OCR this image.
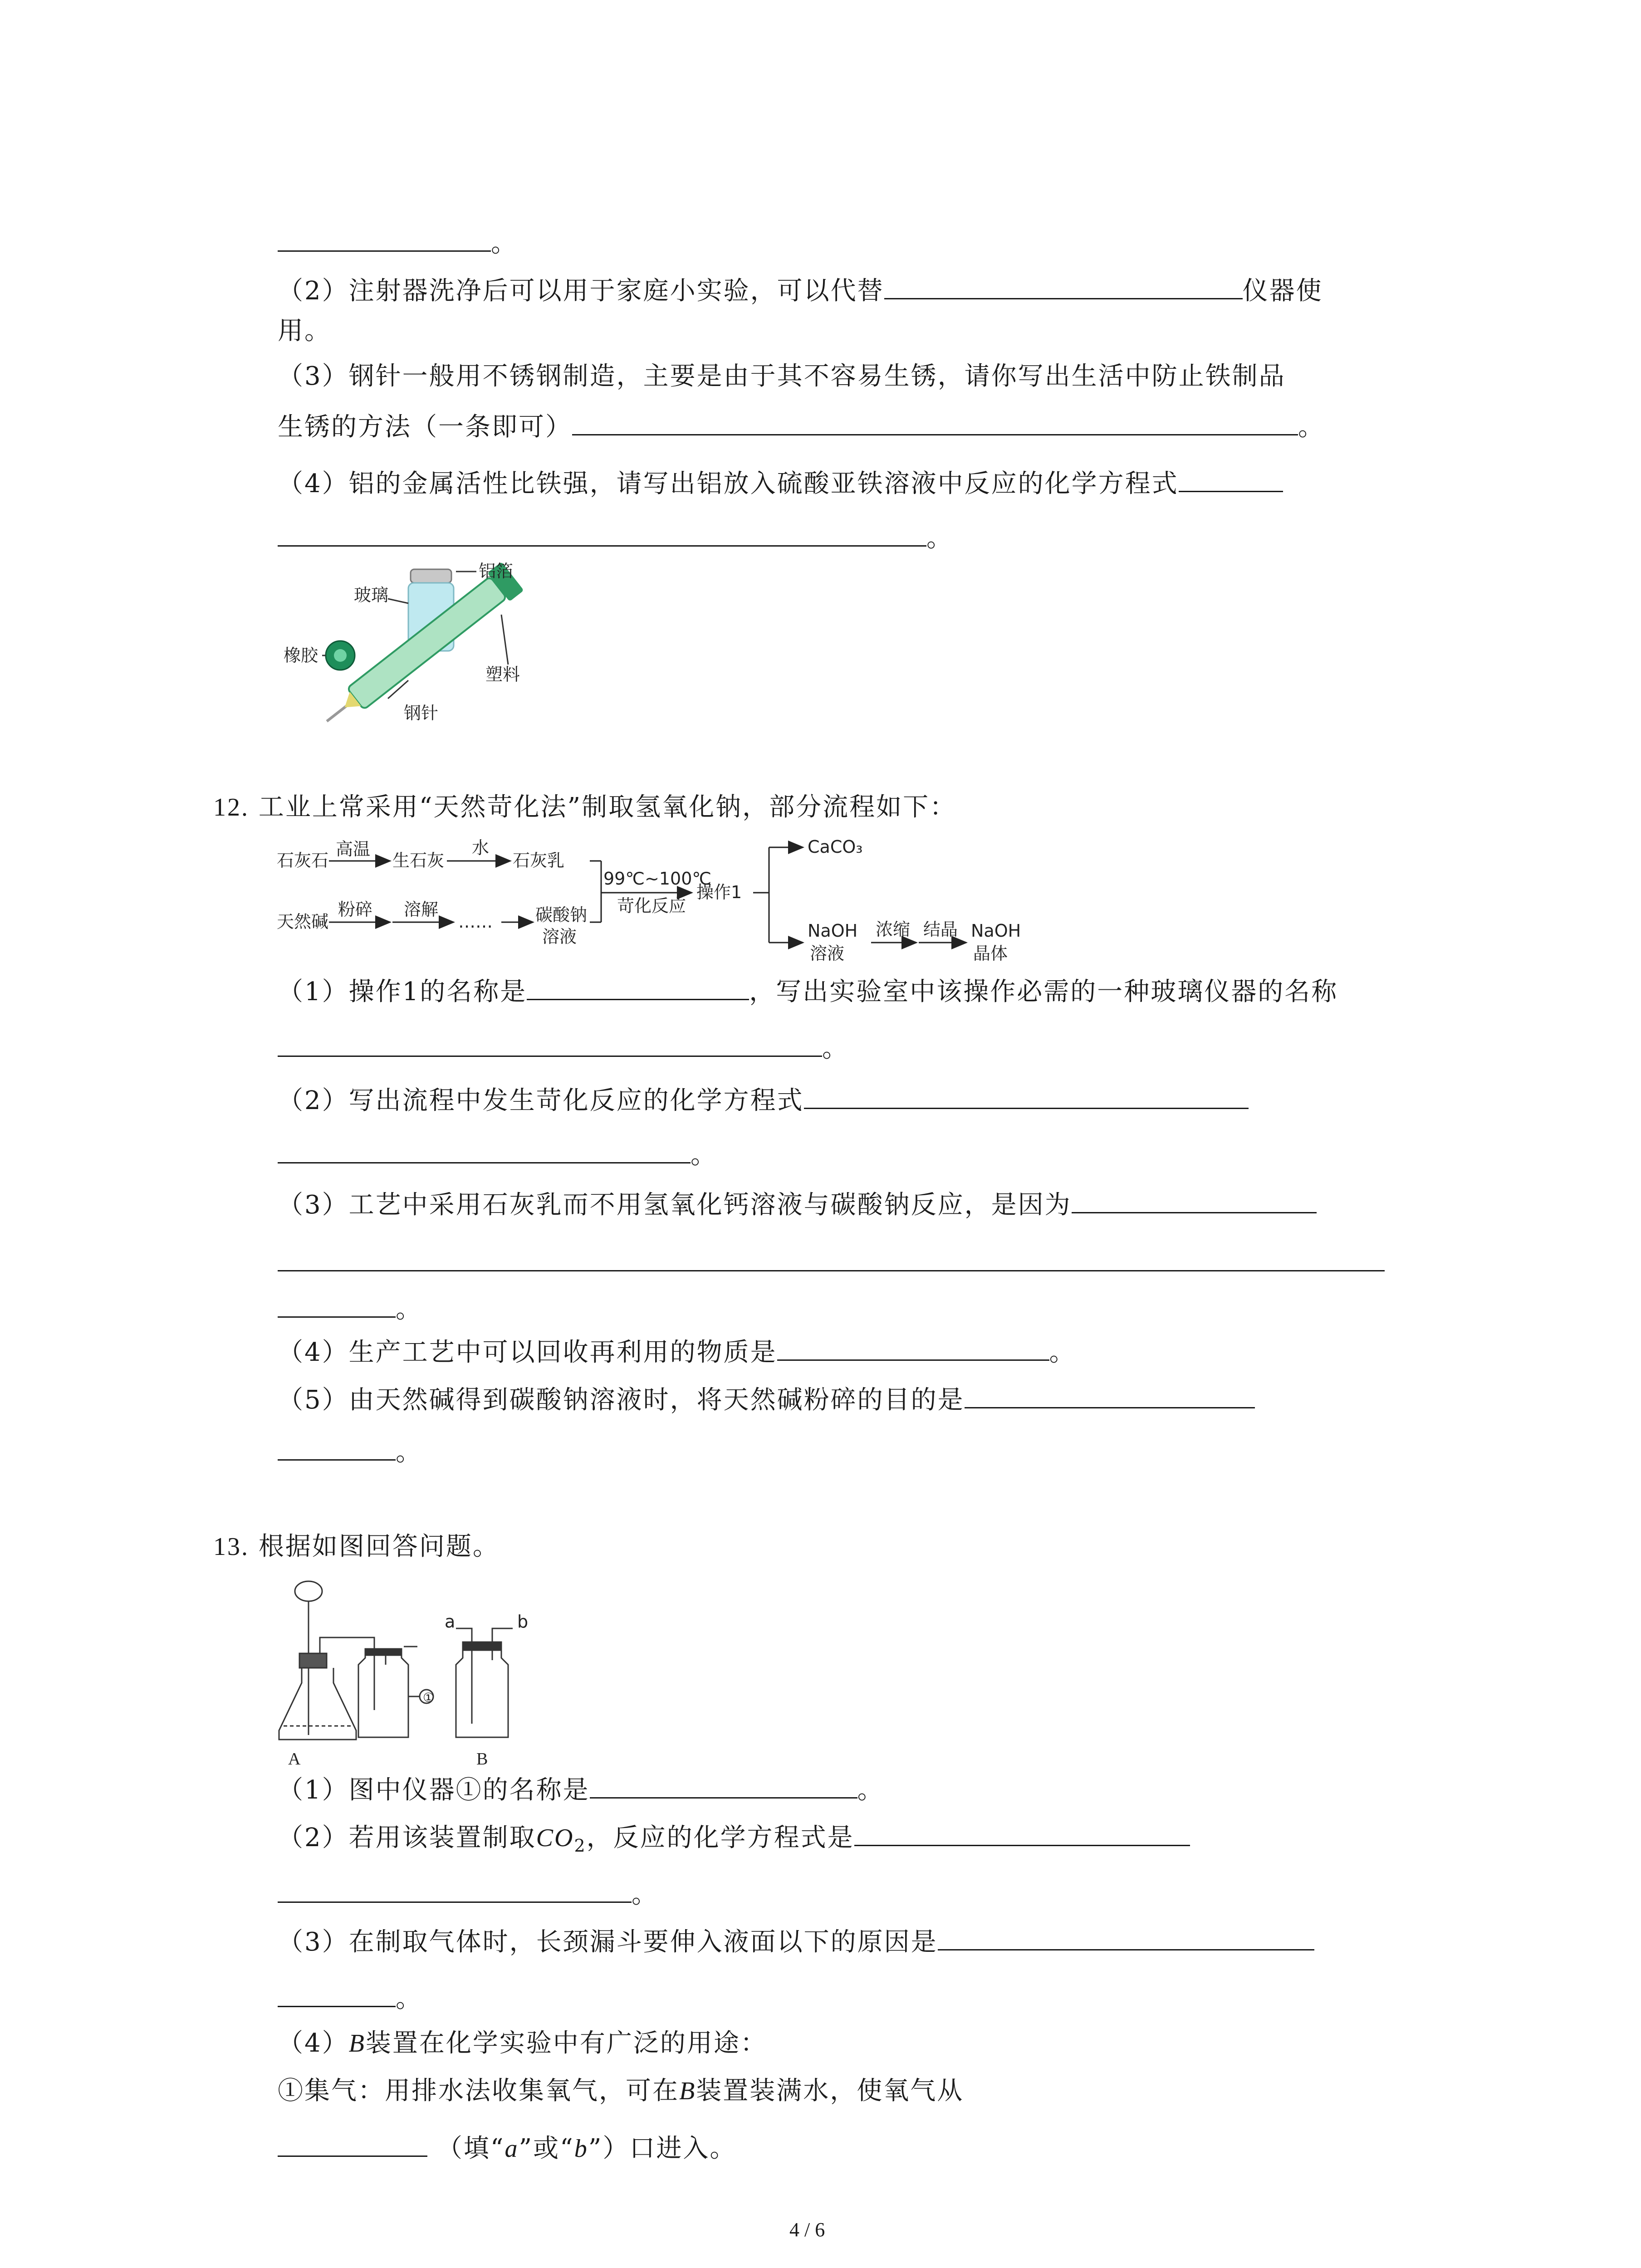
。
（2）注射器洗净后可以用于家庭小实验，可以代替	仪器使
用。
（3）钢针一般用不锈钢制造，主要是由于其不容易生锈，请你写出生活中防止铁制品
生锈的方法（一条即可）	。
（4）铝的金属活性比铁强，请写出铝放入硫酸亚铁溶液中反应的化学方程式
。
铝箔
玻璃
橡胶
塑料
钢针
12. 工业上常采用“天然苛化法”制取氢氧化钠，部分流程如下：
石灰石
高温
生石灰
水
石灰乳
天然碱
粉碎 溶解
…… 碳酸钠
溶液
99℃~100℃
苛化反应
操作1
CaCO₃
NaOH
溶液
浓缩 结晶 NaOH
晶体
（1）操作1的名称是	，写出实验室中该操作必需的一种玻璃仪器的名称
。
（2）写出流程中发生苛化反应的化学方程式
。
（3）工艺中采用石灰乳而不用氢氧化钙溶液与碳酸钠反应，是因为
。
（4）生产工艺中可以回收再利用的物质是	。
（5）由天然碱得到碳酸钠溶液时，将天然碱粉碎的目的是
。
13. 根据如图回答问题。
①
a	b
A	B
（1）图中仪器①的名称是	。
（2）若用该装置制取$CO_2$，反应的化学方程式是
。
（3）在制取气体时，长颈漏斗要伸入液面以下的原因是
。
（4）B装置在化学实验中有广泛的用途：
①集气：用排水法收集氧气，可在B装置装满水，使氧气从
（填“a”或“b”）口进入。
4 / 6
